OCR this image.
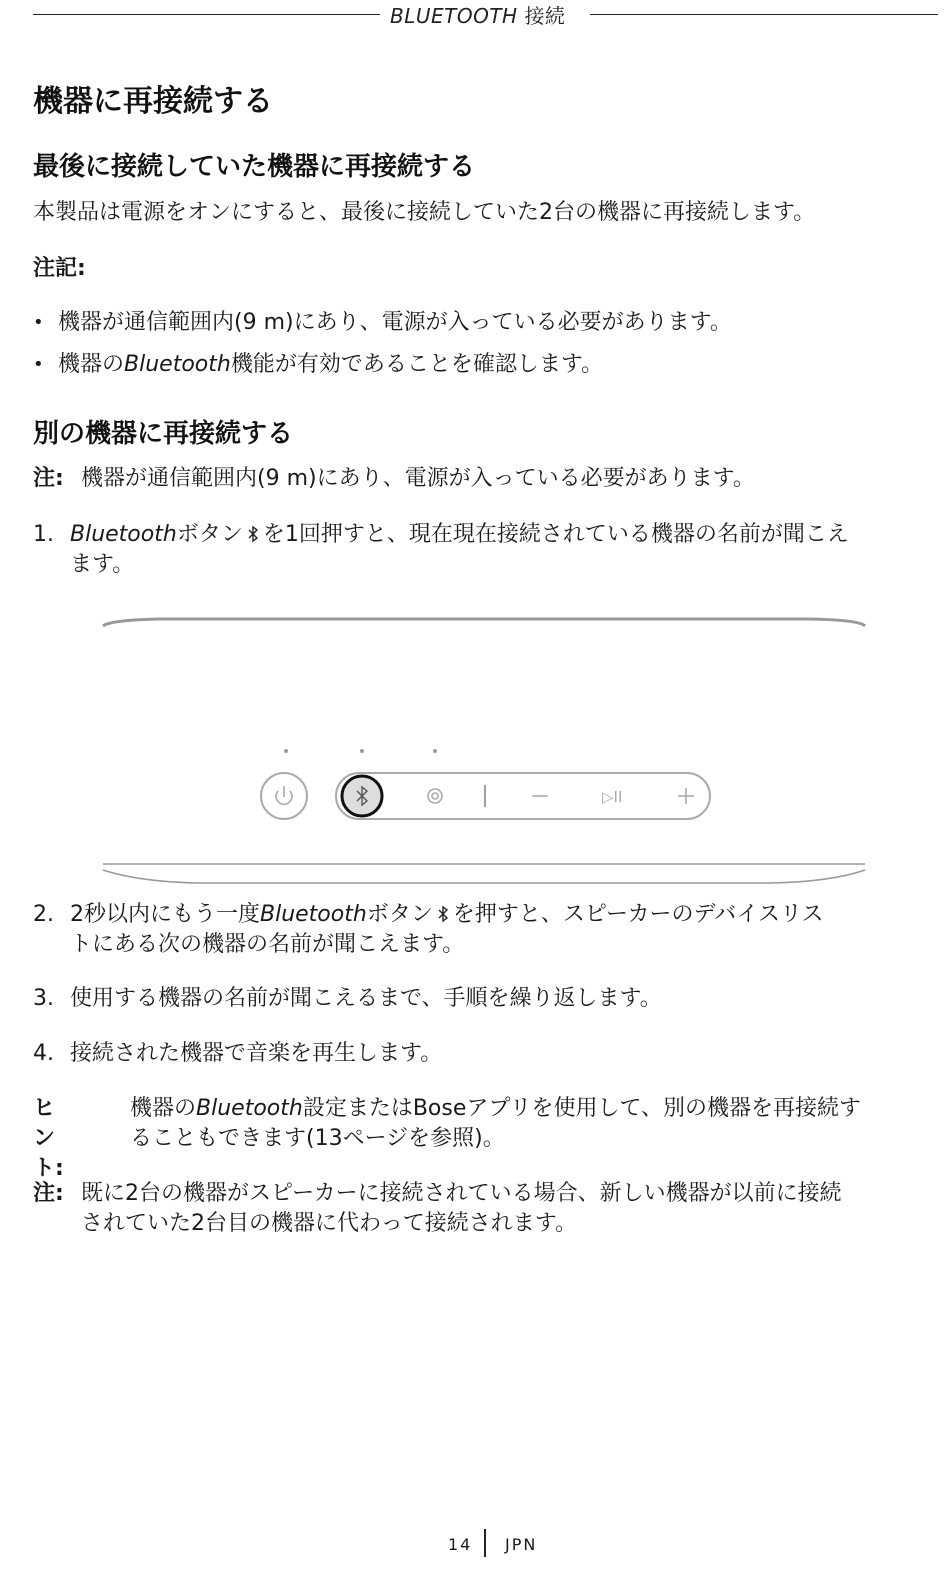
BLUETOOTH 接続
機器に再接続する
最後に接続していた機器に再接続する
本製品は電源をオンにすると、最後に接続していた2台の機器に再接続します。
注記:
• 機器が通信範囲内(9 m)にあり、電源が入っている必要があります。
• 機器のBluetooth機能が有効であることを確認します。
別の機器に再接続する
注: 機器が通信範囲内(9 m)にあり、電源が入っている必要があります。
1. Bluetoothボタン を1回押すと、現在現在接続されている機器の名前が聞こえ
ます。
▷II
2. 2秒以内にもう一度Bluetoothボタン を押すと、スピーカーのデバイスリス
トにある次の機器の名前が聞こえます。
3. 使用する機器の名前が聞こえるまで、手順を繰り返します。
4. 接続された機器で音楽を再生します。
ヒント:
機器のBluetooth設定またはBoseアプリを使用して、別の機器を再接続す
ることもできます(13ページを参照)。
注: 既に2台の機器がスピーカーに接続されている場合、新しい機器が以前に接続
されていた2台目の機器に代わって接続されます。
14 JPN
